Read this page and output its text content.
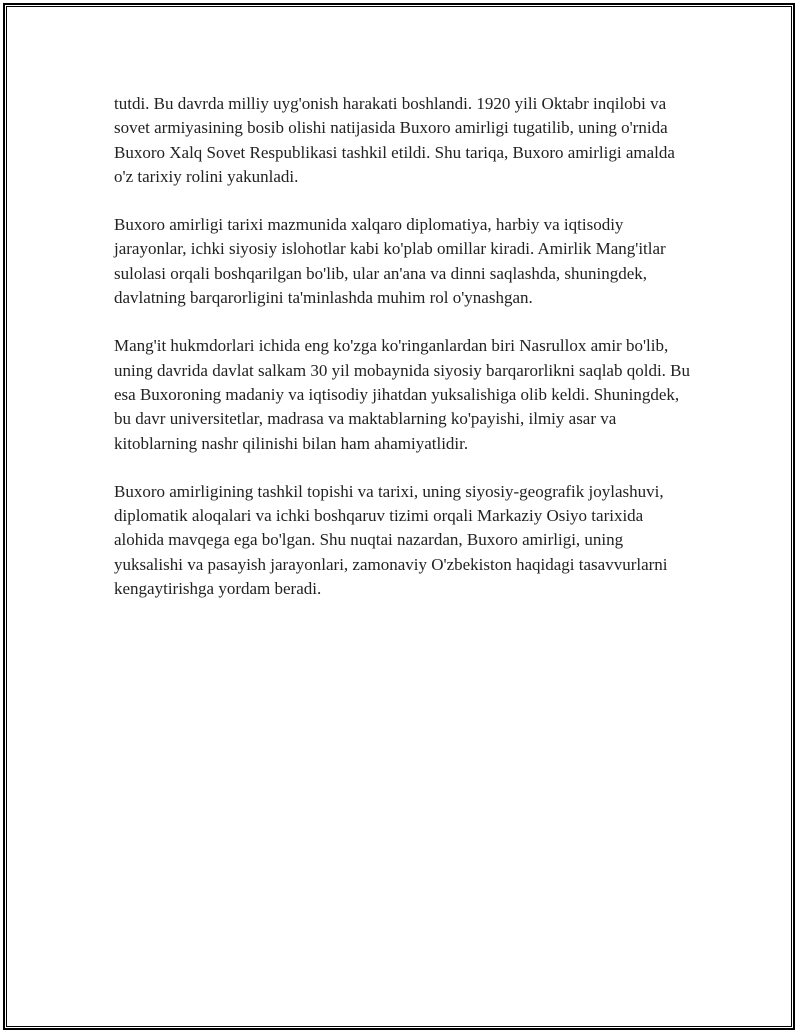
tutdi. Bu davrda milliy uyg'onish harakati boshlandi. 1920 yili Oktabr inqilobi va sovet armiyasining bosib olishi natijasida Buxoro amirligi tugatilib, uning o'rnida Buxoro Xalq Sovet Respublikasi tashkil etildi. Shu tariqa, Buxoro amirligi amalda o'z tarixiy rolini yakunladi.

Buxoro amirligi tarixi mazmunida xalqaro diplomatiya, harbiy va iqtisodiy jarayonlar, ichki siyosiy islohotlar kabi ko'plab omillar kiradi. Amirlik Mang'itlar sulolasi orqali boshqarilgan bo'lib, ular an'ana va dinni saqlashda, shuningdek, davlatning barqarorligini ta'minlashda muhim rol o'ynashgan.

Mang'it hukmdorlari ichida eng ko'zga ko'ringanlardan biri Nasrullox amir bo'lib, uning davrida davlat salkam 30 yil mobaynida siyosiy barqarorlikni saqlab qoldi. Bu esa Buxoroning madaniy va iqtisodiy jihatdan yuksalishiga olib keldi. Shuningdek, bu davr universitetlar, madrasa va maktablarning ko'payishi, ilmiy asar va kitoblarning nashr qilinishi bilan ham ahamiyatlidir.

Buxoro amirligining tashkil topishi va tarixi, uning siyosiy-geografik joylashuvi, diplomatik aloqalari va ichki boshqaruv tizimi orqali Markaziy Osiyo tarixida alohida mavqega ega bo'lgan. Shu nuqtai nazardan, Buxoro amirligi, uning yuksalishi va pasayish jarayonlari, zamonaviy O'zbekiston haqidagi tasavvurlarni kengaytirishga yordam beradi.
